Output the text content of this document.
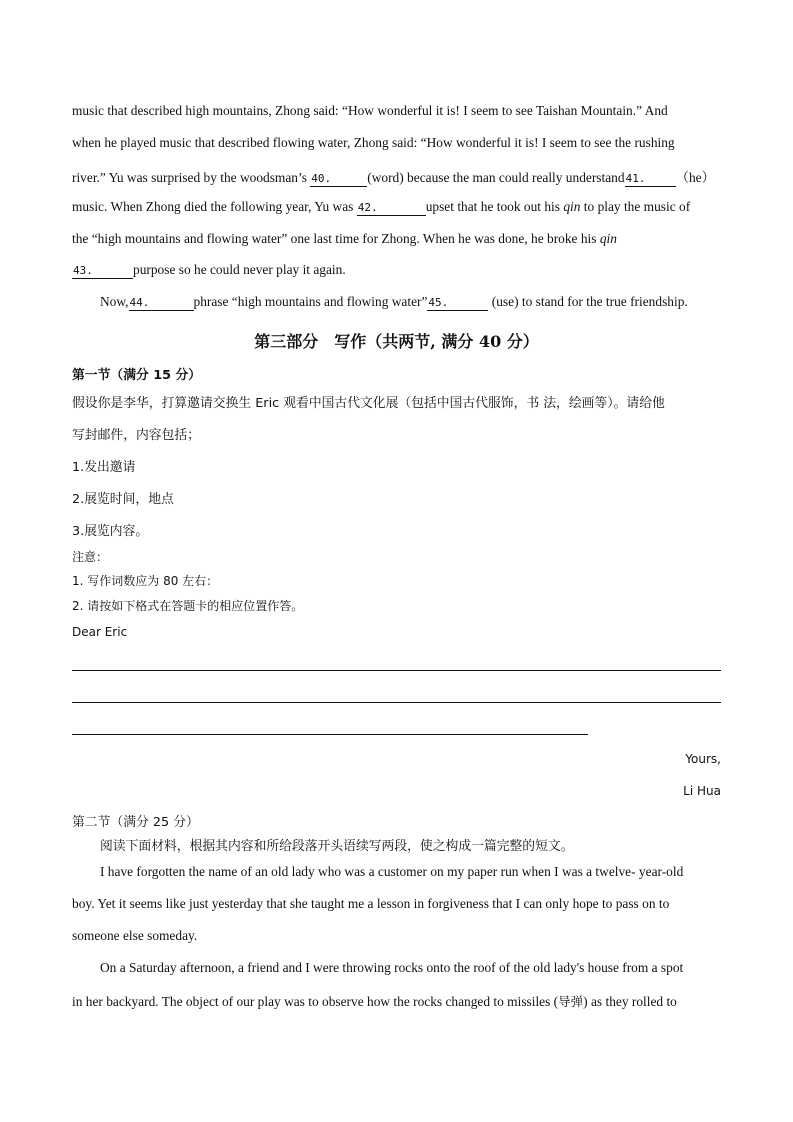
music that described high mountains, Zhong said: “How wonderful it is! I seem to see Taishan Mountain.” And
when he played music that described flowing water, Zhong said: “How wonderful it is! I seem to see the rushing
river.” Yu was surprised by the woodsman’s 40.	(word) because the man could really understand41. （he）
music. When Zhong died the following year, Yu was 42.	upset that he took out his qin to play the music of
the “high mountains and flowing water” one last time for Zhong. When he was done, he broke his qin
43.	purpose so he could never play it again.
Now,44.	phrase “high mountains and flowing water”45.	(use) to stand for the true friendship.
第三部分　写作（共两节, 满分 40 分）
第一节（满分 15 分）
假设你是李华，打算邀请交换生 Eric 观看中国古代文化展（包括中国古代服饰，书 法，绘画等）。请给他
写封邮件，内容包括；
1.发出邀请
2.展览时间，地点
3.展览内容。
注意：
1. 写作词数应为 80 左右：
2. 请按如下格式在答题卡的相应位置作答。
Dear Eric
Yours,
Li Hua
第二节（满分 25 分）
阅读下面材料，根据其内容和所给段落开头语续写两段，使之构成一篇完整的短文。
I have forgotten the name of an old lady who was a customer on my paper run when I was a twelve- year-old
boy. Yet it seems like just yesterday that she taught me a lesson in forgiveness that I can only hope to pass on to
someone else someday.
On a Saturday afternoon, a friend and I were throwing rocks onto the roof of the old lady's house from a spot
in her backyard. The object of our play was to observe how the rocks changed to missiles (导弹) as they rolled to
